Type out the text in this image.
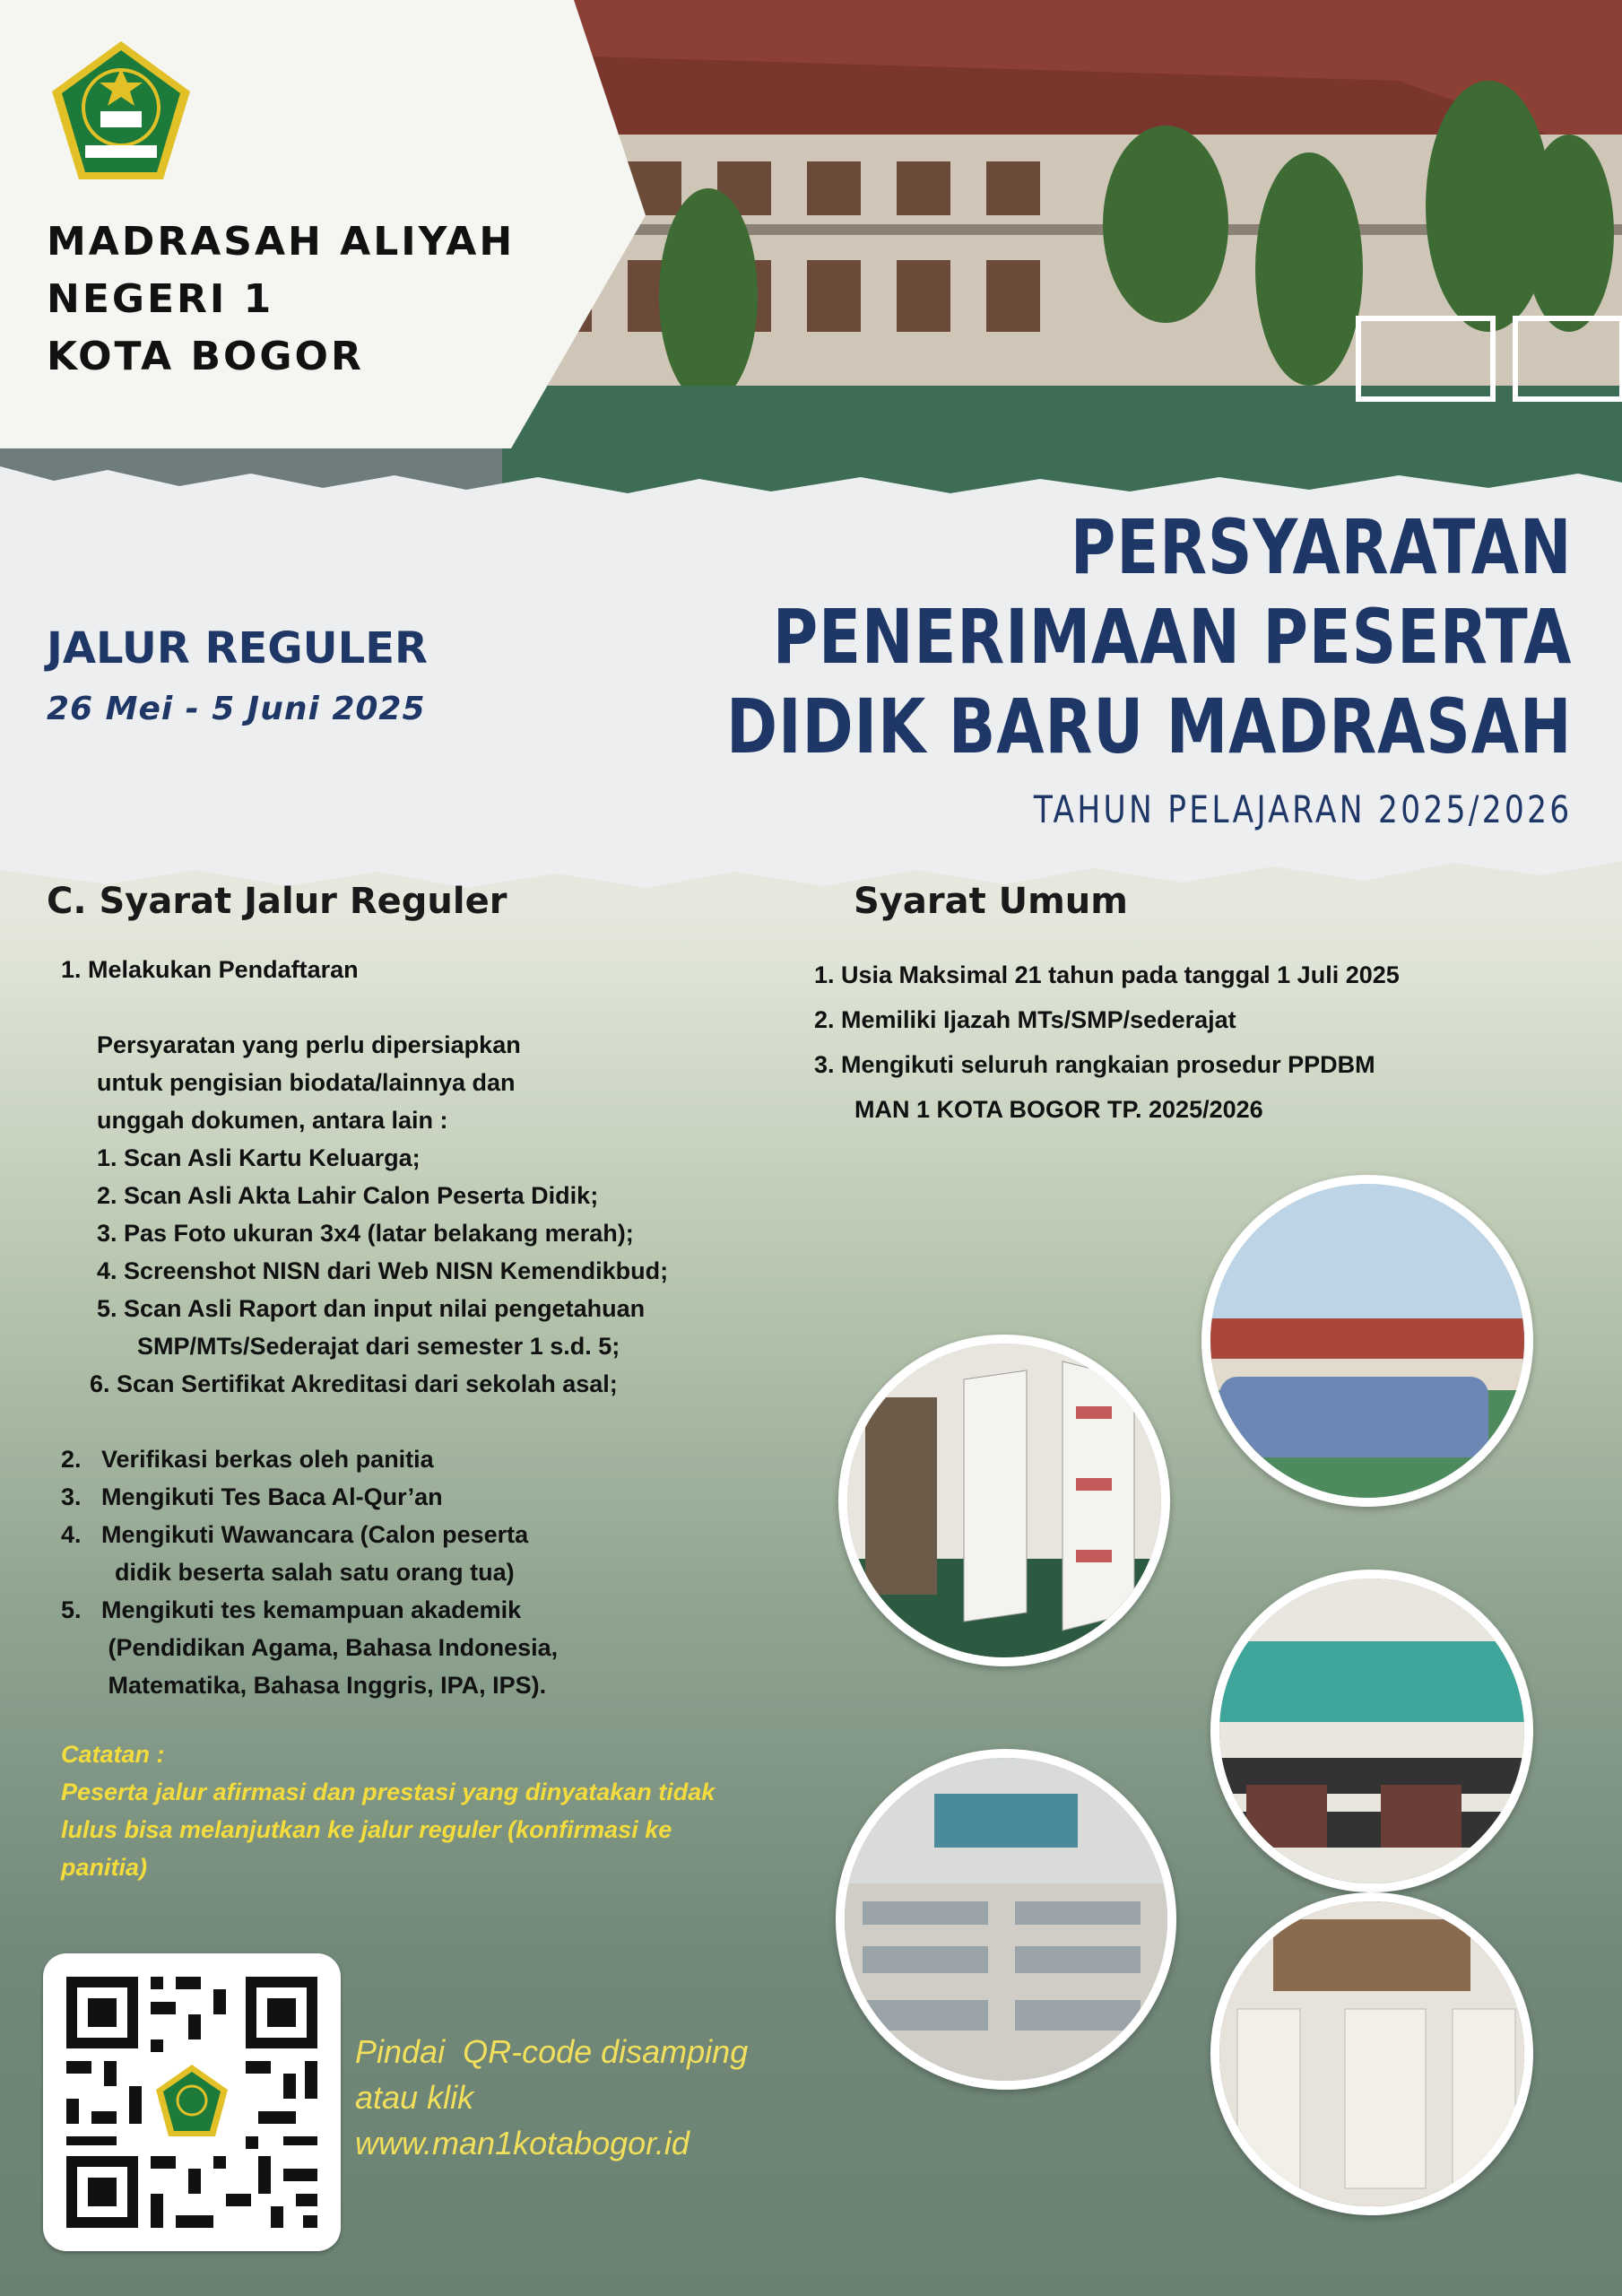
MADRASAH ALIYAH
NEGERI 1
KOTA BOGOR
JALUR REGULER
26 Mei - 5 Juni 2025
PERSYARATAN
PENERIMAAN PESERTA
DIDIK BARU MADRASAH
TAHUN PELAJARAN 2025/2026
C. Syarat Jalur Reguler	Syarat Umum
1. Melakukan Pendaftaran
Persyaratan yang perlu dipersiapkan
untuk pengisian biodata/lainnya dan
unggah dokumen, antara lain :
1. Scan Asli Kartu Keluarga;
2. Scan Asli Akta Lahir Calon Peserta Didik;
3. Pas Foto ukuran 3x4 (latar belakang merah);
4. Screenshot NISN dari Web NISN Kemendikbud;
5. Scan Asli Raport dan input nilai pengetahuan
SMP/MTs/Sederajat dari semester 1 s.d. 5;
6. Scan Sertifikat Akreditasi dari sekolah asal;
2.   Verifikasi berkas oleh panitia
3.   Mengikuti Tes Baca Al-Qur’an
4.   Mengikuti Wawancara (Calon peserta
didik beserta salah satu orang tua)
5.   Mengikuti tes kemampuan akademik
(Pendidikan Agama, Bahasa Indonesia,
Matematika, Bahasa Inggris, IPA, IPS).
1. Usia Maksimal 21 tahun pada tanggal 1 Juli 2025
2. Memiliki Ijazah MTs/SMP/sederajat
3. Mengikuti seluruh rangkaian prosedur PPDBM
MAN 1 KOTA BOGOR TP. 2025/2026
Catatan :
Peserta jalur afirmasi dan prestasi yang dinyatakan tidak
lulus bisa melanjutkan ke jalur reguler (konfirmasi ke
panitia)
Pindai  QR-code disamping
atau klik
www.man1kotabogor.id
